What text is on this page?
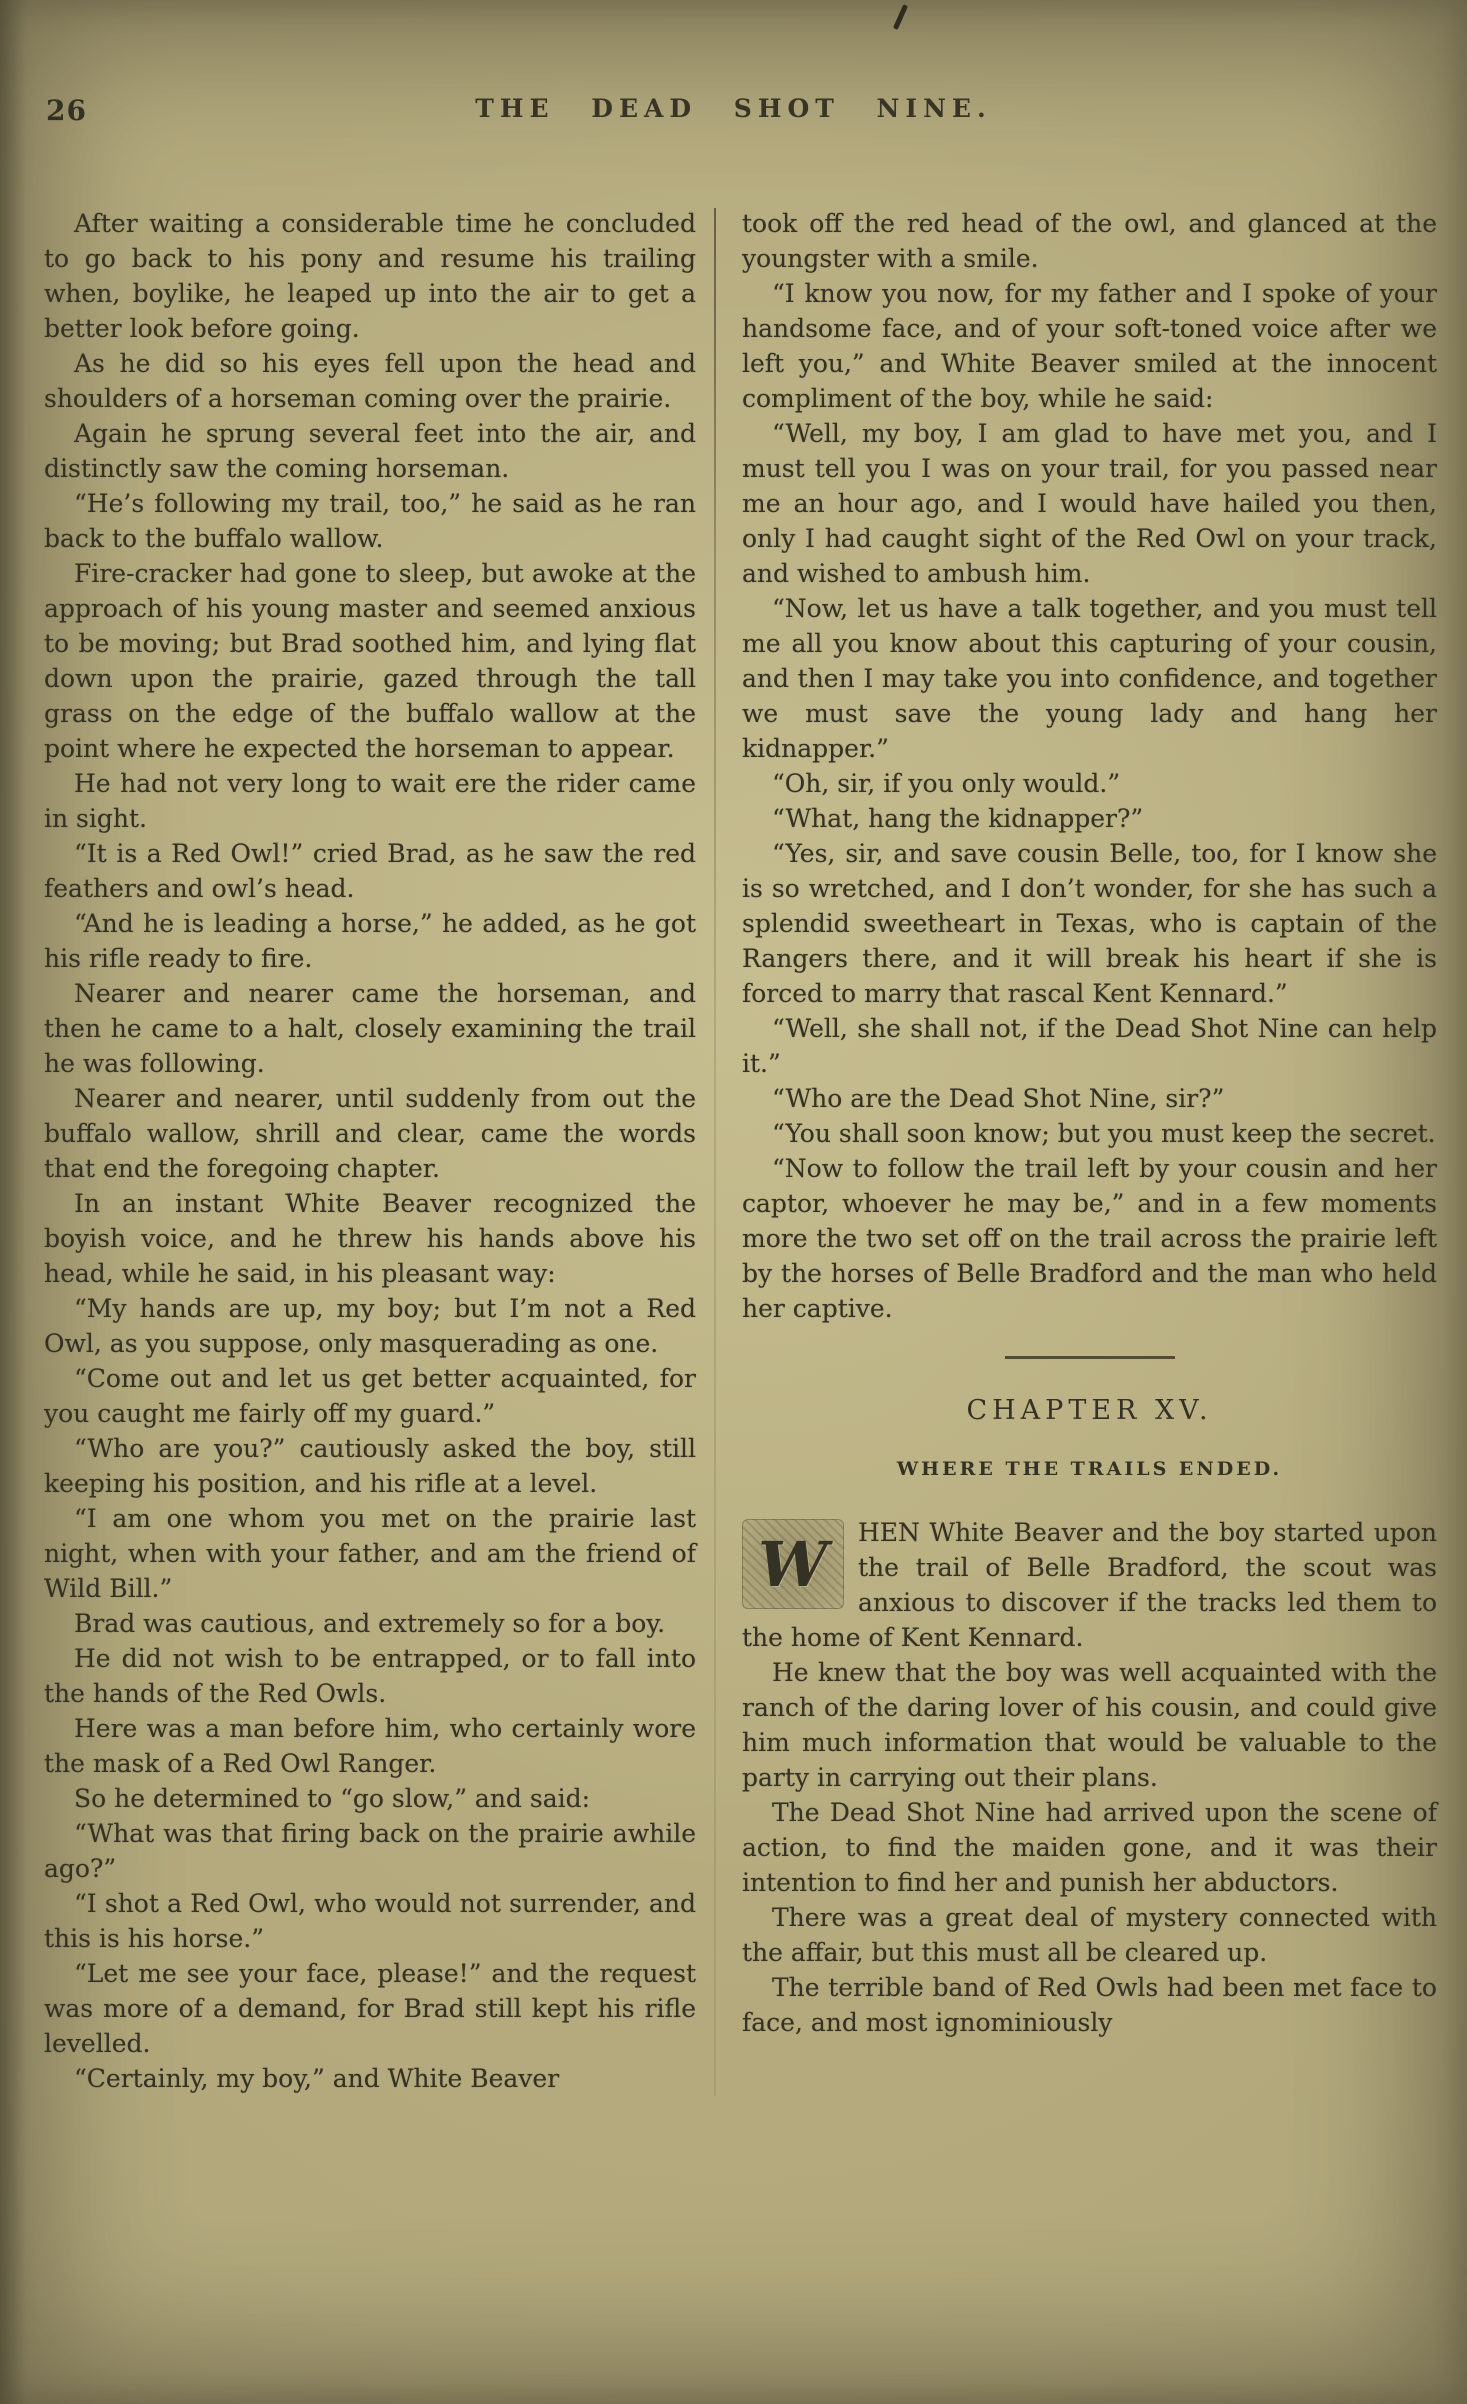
26	THE DEAD SHOT NINE.

After waiting a considerable time he concluded to go back to his pony and resume his trailing when, boylike, he leaped up into the air to get a better look before going.

As he did so his eyes fell upon the head and shoulders of a horseman coming over the prairie.

Again he sprung several feet into the air, and distinctly saw the coming horseman.

“He’s following my trail, too,” he said as he ran back to the buffalo wallow.

Fire-cracker had gone to sleep, but awoke at the approach of his young master and seemed anxious to be moving; but Brad soothed him, and lying flat down upon the prairie, gazed through the tall grass on the edge of the buffalo wallow at the point where he expected the horseman to appear.

He had not very long to wait ere the rider came in sight.

“It is a Red Owl!” cried Brad, as he saw the red feathers and owl’s head.

“And he is leading a horse,” he added, as he got his rifle ready to fire.

Nearer and nearer came the horseman, and then he came to a halt, closely examining the trail he was following.

Nearer and nearer, until suddenly from out the buffalo wallow, shrill and clear, came the words that end the foregoing chapter.

In an instant White Beaver recognized the boyish voice, and he threw his hands above his head, while he said, in his pleasant way:

“My hands are up, my boy; but I’m not a Red Owl, as you suppose, only masquerading as one.

“Come out and let us get better acquainted, for you caught me fairly off my guard.”

“Who are you?” cautiously asked the boy, still keeping his position, and his rifle at a level.

“I am one whom you met on the prairie last night, when with your father, and am the friend of Wild Bill.”

Brad was cautious, and extremely so for a boy.

He did not wish to be entrapped, or to fall into the hands of the Red Owls.

Here was a man before him, who certainly wore the mask of a Red Owl Ranger.

So he determined to “go slow,” and said:

“What was that firing back on the prairie awhile ago?”

“I shot a Red Owl, who would not surrender, and this is his horse.”

“Let me see your face, please!” and the request was more of a demand, for Brad still kept his rifle levelled.

“Certainly, my boy,” and White Beaver

took off the red head of the owl, and glanced at the youngster with a smile.

“I know you now, for my father and I spoke of your handsome face, and of your soft-toned voice after we left you,” and White Beaver smiled at the innocent compliment of the boy, while he said:

“Well, my boy, I am glad to have met you, and I must tell you I was on your trail, for you passed near me an hour ago, and I would have hailed you then, only I had caught sight of the Red Owl on your track, and wished to ambush him.

“Now, let us have a talk together, and you must tell me all you know about this capturing of your cousin, and then I may take you into confidence, and together we must save the young lady and hang her kidnapper.”

“Oh, sir, if you only would.”

“What, hang the kidnapper?”

“Yes, sir, and save cousin Belle, too, for I know she is so wretched, and I don’t wonder, for she has such a splendid sweetheart in Texas, who is captain of the Rangers there, and it will break his heart if she is forced to marry that rascal Kent Kennard.”

“Well, she shall not, if the Dead Shot Nine can help it.”

“Who are the Dead Shot Nine, sir?”

“You shall soon know; but you must keep the secret.

“Now to follow the trail left by your cousin and her captor, whoever he may be,” and in a few moments more the two set off on the trail across the prairie left by the horses of Belle Bradford and the man who held her captive.

CHAPTER XV.
WHERE THE TRAILS ENDED.

W	HEN White Beaver and the boy started upon the trail of Belle Bradford, the scout was anxious to discover if the tracks led them to the home of Kent Kennard.

He knew that the boy was well acquainted with the ranch of the daring lover of his cousin, and could give him much information that would be valuable to the party in carrying out their plans.

The Dead Shot Nine had arrived upon the scene of action, to find the maiden gone, and it was their intention to find her and punish her abductors.

There was a great deal of mystery connected with the affair, but this must all be cleared up.

The terrible band of Red Owls had been met face to face, and most ignominiously
